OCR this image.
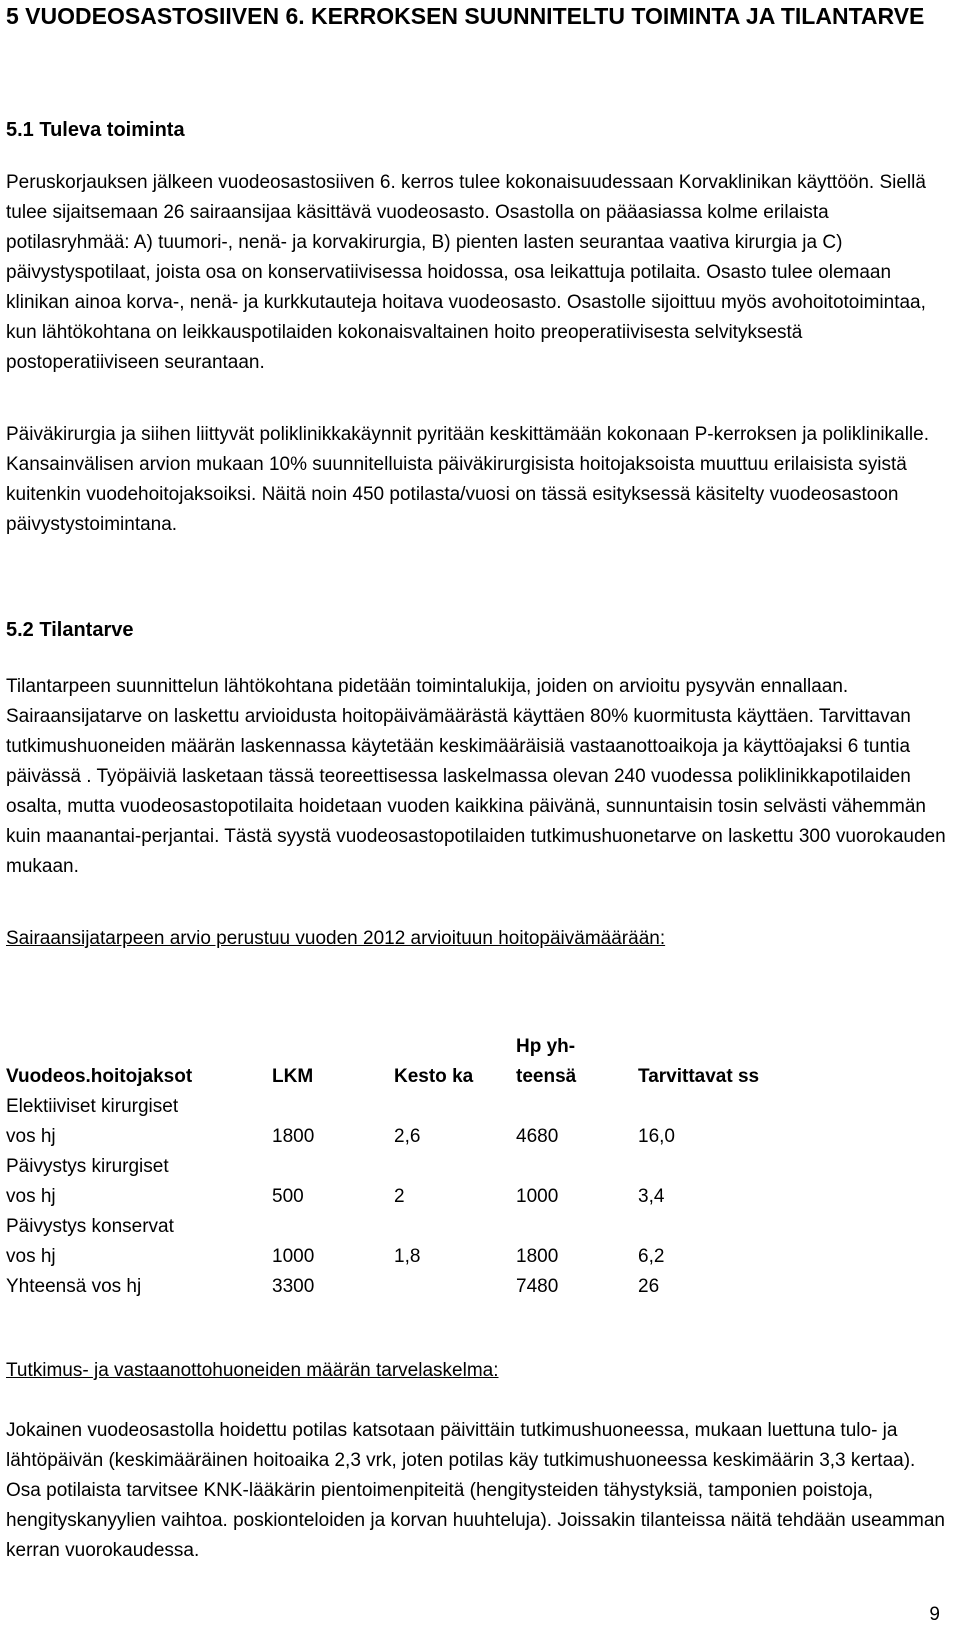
5 VUODEOSASTOSIIVEN 6. KERROKSEN SUUNNITELTU TOIMINTA JA TILANTARVE
5.1 Tuleva toiminta

Peruskorjauksen jälkeen vuodeosastosiiven 6. kerros tulee kokonaisuudessaan Korvaklinikan käyttöön. Siellä tulee sijaitsemaan 26 sairaansijaa käsittävä vuodeosasto. Osastolla on pääasiassa kolme erilaista potilasryhmää: A) tuumori-, nenä- ja korvakirurgia, B) pienten lasten seurantaa vaativa kirurgia ja C) päivystyspotilaat, joista osa on konservatiivisessa hoidossa, osa leikattuja potilaita. Osasto tulee olemaan klinikan ainoa korva-, nenä- ja kurkkutauteja hoitava vuodeosasto. Osastolle sijoittuu myös avohoitotoimintaa, kun lähtökohtana on leikkauspotilaiden kokonaisvaltainen hoito preoperatiivisesta selvityksestä postoperatiiviseen seurantaan.

Päiväkirurgia ja siihen liittyvät poliklinikkakäynnit pyritään keskittämään kokonaan P-kerroksen ja poliklinikalle. Kansainvälisen arvion mukaan 10% suunnitelluista päiväkirurgisista hoitojaksoista muuttuu erilaisista syistä kuitenkin vuodehoitojaksoiksi. Näitä noin 450 potilasta/vuosi on tässä esityksessä käsitelty vuodeosastoon päivystystoimintana.

5.2 Tilantarve

Tilantarpeen suunnittelun lähtökohtana pidetään toimintalukija, joiden on arvioitu pysyvän ennallaan. Sairaansijatarve on laskettu arvioidusta hoitopäivämäärästä käyttäen 80% kuormitusta käyttäen. Tarvittavan tutkimushuoneiden määrän laskennassa käytetään keskimääräisiä vastaanottoaikoja ja käyttöajaksi 6 tuntia päivässä . Työpäiviä lasketaan tässä teoreettisessa laskelmassa olevan 240 vuodessa poliklinikkapotilaiden osalta, mutta vuodeosastopotilaita hoidetaan vuoden kaikkina päivänä, sunnuntaisin tosin selvästi vähemmän kuin maanantai-perjantai. Tästä syystä vuodeosastopotilaiden tutkimushuonetarve on laskettu 300 vuorokauden mukaan.

Sairaansijatarpeen arvio perustuu vuoden 2012 arvioituun hoitopäivämäärään:

Vuodeos.hoitojaksot	LKM	Kesto ka	Hp yh-
teensä	Tarvittavat ss
Elektiiviset kirurgiset				
vos hj	1800	2,6	4680	16,0
Päivystys kirurgiset				
vos hj	500	2	1000	3,4
Päivystys konservat				
vos hj	1000	1,8	1800	6,2
Yhteensä vos hj	3300		7480	26

Tutkimus- ja vastaanottohuoneiden määrän tarvelaskelma:

Jokainen vuodeosastolla hoidettu potilas katsotaan päivittäin tutkimushuoneessa, mukaan luettuna tulo- ja lähtöpäivän (keskimääräinen hoitoaika 2,3 vrk, joten potilas käy tutkimushuoneessa keskimäärin 3,3 kertaa). Osa potilaista tarvitsee KNK-lääkärin pientoimenpiteitä (hengitysteiden tähystyksiä, tamponien poistoja, hengityskanyylien vaihtoa. poskionteloiden ja korvan huuhteluja). Joissakin tilanteissa näitä tehdään useamman kerran vuorokaudessa.

9
